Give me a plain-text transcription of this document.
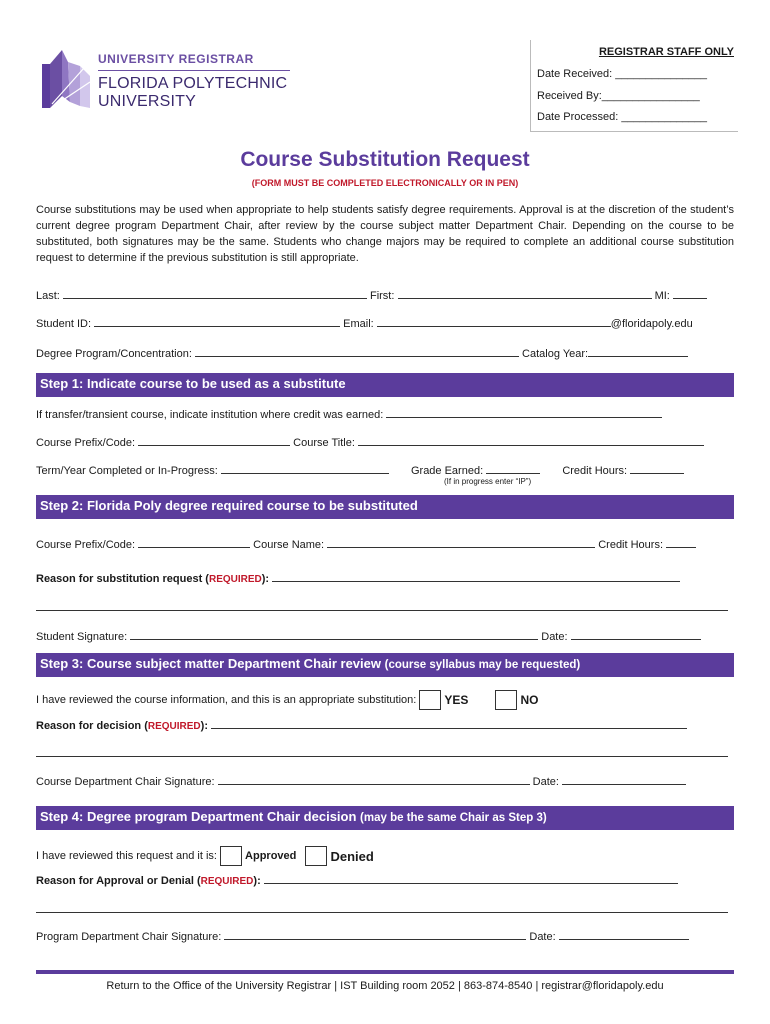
UNIVERSITY REGISTRAR
FLORIDA POLYTECHNIC
UNIVERSITY
REGISTRAR STAFF ONLY
Date Received: _______________
Received By:________________
Date Processed: ______________
Course Substitution Request
(FORM MUST BE COMPLETED ELECTRONICALLY OR IN PEN)
Course substitutions may be used when appropriate to help students satisfy degree requirements. Approval is at the discretion of the student’s current degree program Department Chair, after review by the course subject matter Department Chair. Depending on the course to be substituted, both signatures may be the same. Students who change majors may be required to complete an additional course substitution request to determine if the previous substitution is still appropriate.
Last:	First:	MI:
Student ID:	Email:	@floridapoly.edu
Degree Program/Concentration:	Catalog Year:
Step 1: Indicate course to be used as a substitute
If transfer/transient course, indicate institution where credit was earned:
Course Prefix/Code:	Course Title:
Term/Year Completed or In-Progress:	Grade Earned:	Credit Hours:
(If in progress enter “IP”)
Step 2: Florida Poly degree required course to be substituted
Course Prefix/Code:	Course Name:	Credit Hours:
Reason for substitution request (REQUIRED):
Student Signature:	Date:
Step 3: Course subject matter Department Chair review (course syllabus may be requested)
I have reviewed the course information, and this is an appropriate substitution: YES	NO
Reason for decision (REQUIRED):
Course Department Chair Signature:	Date:
Step 4: Degree program Department Chair decision (may be the same Chair as Step 3)
I have reviewed this request and it is:	Approved	Denied
Reason for Approval or Denial (REQUIRED):
Program Department Chair Signature:	Date:
Return to the Office of the University Registrar | IST Building room 2052 | 863-874-8540 | registrar@floridapoly.edu
